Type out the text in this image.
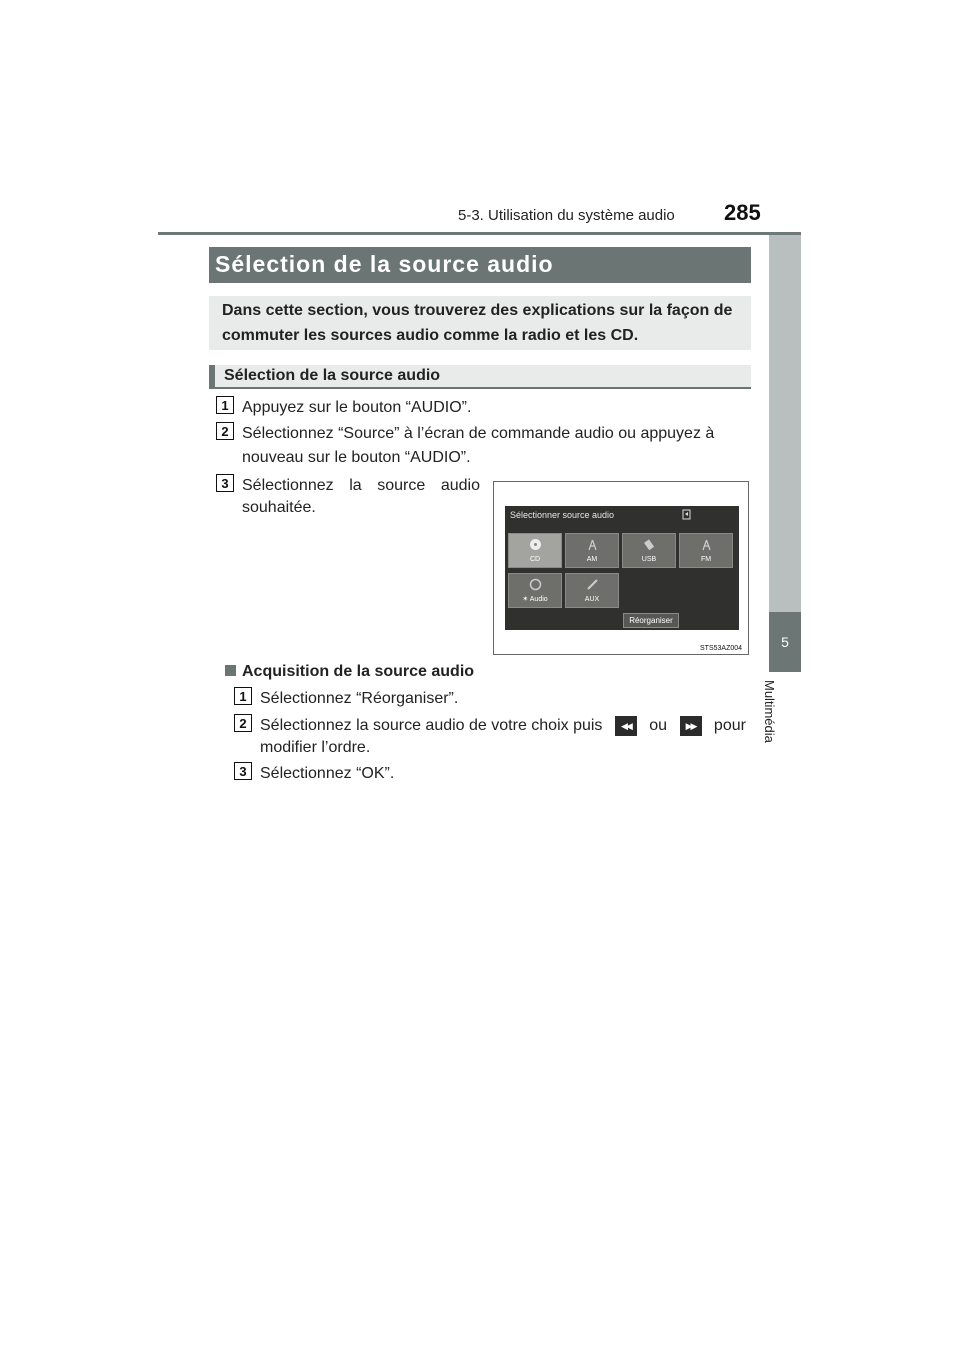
5-3. Utilisation du système audio 285
5
Multimédia
Sélection de la source audio

Dans cette section, vous trouverez des explications sur la façon de commuter les sources audio comme la radio et les CD.

Sélection de la source audio
1 Appuyez sur le bouton “AUDIO”.
2 Sélectionnez “Source” à l’écran de commande audio ou appuyez à
nouveau sur le bouton “AUDIO”.
3 Sélectionnez la source audio
souhaitée.	Sélectionner source audio
CD	AM	USB	FM
✶ Audio	AUX
Réorganiser
STS53AZ004
Acquisition de la source audio
1 Sélectionnez “Réorganiser”.
2 Sélectionnez la source audio de votre choix puis	◀◀	ou	▶▶	pour
modifier l’ordre.
3 Sélectionnez “OK”.
